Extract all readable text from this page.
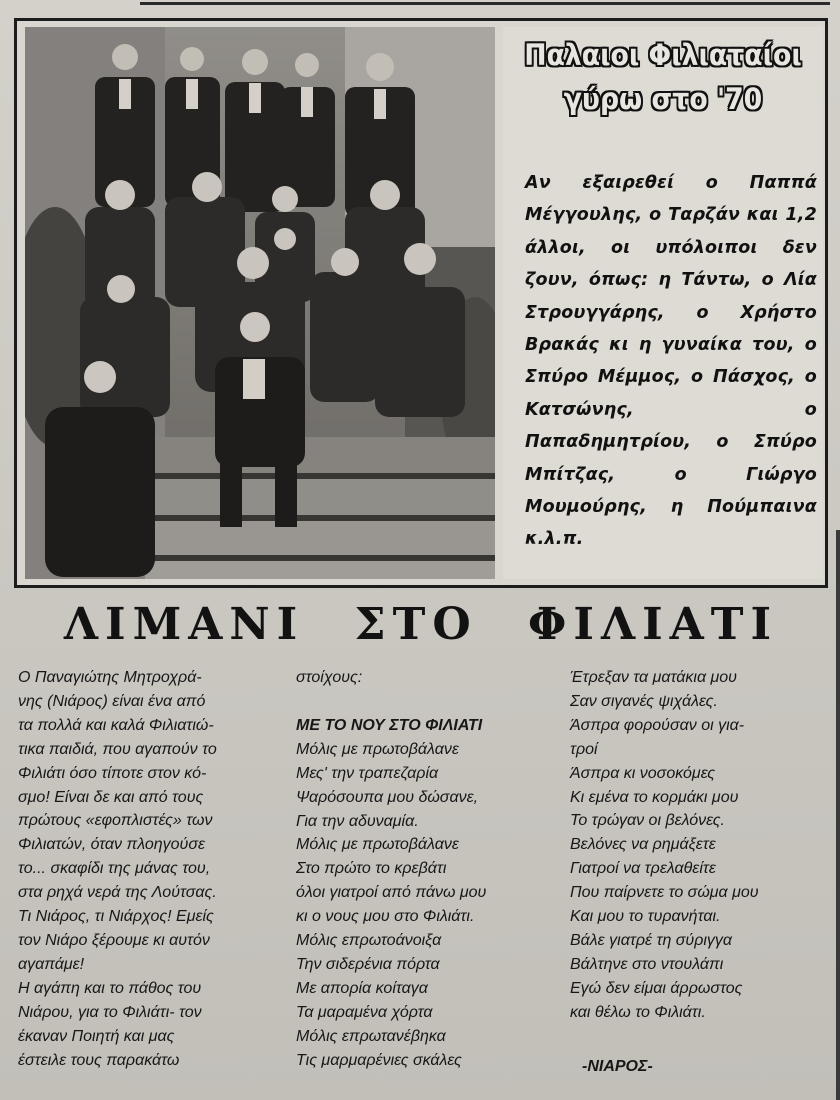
Παλαιοι Φιλιαταίοι
γύρω στο '70
Αν εξαιρεθεί ο Παππά Μέγγουλης, ο Ταρζάν και 1,2 άλλοι, οι υπόλοιποι δεν ζουν, όπως: η Τάντω, ο Λία Στρουγγάρης, ο Χρήστο Βρακάς κι η γυναίκα του, ο Σπύρο Μέμμος, ο Πάσχος, ο Κατσώνης, ο Παπαδημητρίου, ο Σπύρο Μπίτζας, ο Γιώργο Μουμούρης, η Πούμπαινα κ.λ.π.
ΛΙΜΑΝΙ ΣΤΟ ΦΙΛΙΑΤΙ
Ο Παναγιώτης Μητροχρά-
νης (Νιάρος) είναι ένα από
τα πολλά και καλά Φιλιατιώ-
τικα παιδιά, που αγαπούν το
Φιλιάτι όσο τίποτε στον κό-
σμο! Είναι δε και από τους
πρώτους «εφοπλιστές» των
Φιλιατών, όταν πλοηγούσε
το... σκαφίδι της μάνας του,
στα ρηχά νερά της Λούτσας.
Τι Νιάρος, τι Νιάρχος! Εμείς
τον Νιάρο ξέρουμε κι αυτόν
αγαπάμε!
Η αγάπη και το πάθος του
Νιάρου, για το Φιλιάτι- τον
έκαναν Ποιητή και μας
έστειλε τους παρακάτω

στοίχους:

ΜΕ ΤΟ ΝΟΥ ΣΤΟ ΦΙΛΙΑΤΙ

Μόλις με πρωτοβάλανε
Μες' την τραπεζαρία
Ψαρόσουπα μου δώσανε,
Για την αδυναμία.
Μόλις με πρωτοβάλανε
Στο πρώτο το κρεβάτι
όλοι γιατροί από πάνω μου
κι ο νους μου στο Φιλιάτι.
Μόλις επρωτοάνοιξα
Την σιδερένια πόρτα
Με απορία κοίταγα
Τα μαραμένα χόρτα
Μόλις επρωτανέβηκα
Τις μαρμαρένιες σκάλες
Έτρεξαν τα ματάκια μου
Σαν σιγανές ψιχάλες.
Άσπρα φορούσαν οι για-
τροί
Άσπρα κι νοσοκόμες
Κι εμένα το κορμάκι μου
Το τρώγαν οι βελόνες.
Βελόνες να ρημάξετε
Γιατροί να τρελαθείτε
Που παίρνετε το σώμα μου
Και μου το τυρανήται.
Βάλε γιατρέ τη σύριγγα
Βάλτηνε στο ντουλάπι
Εγώ δεν είμαι άρρωστος
και θέλω το Φιλιάτι.
-ΝΙΑΡΟΣ-
